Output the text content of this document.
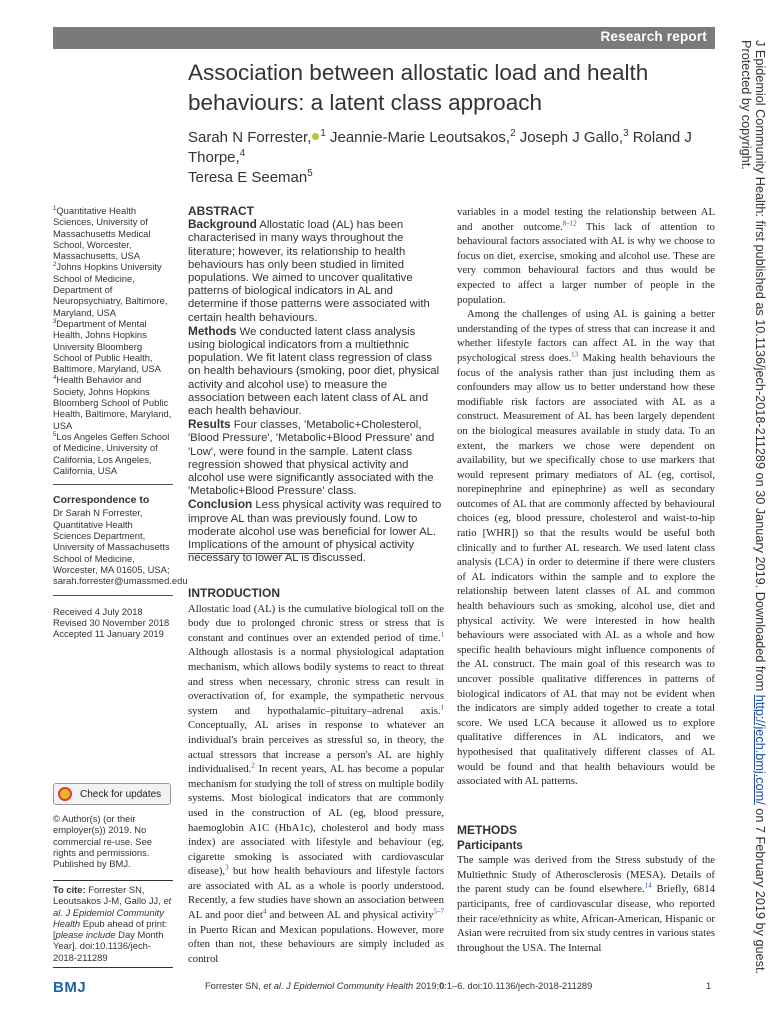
Research report
J Epidemiol Community Health: first published as 10.1136/jech-2018-211289 on 30 January 2019. Downloaded from http://jech.bmj.com/ on 7 February 2019 by guest. Protected by copyright.
Association between allostatic load and health behaviours: a latent class approach
Sarah N Forrester, $^1$ Jeannie-Marie Leoutsakos,$^2$ Joseph J Gallo,$^3$ Roland J Thorpe,$^4$
Teresa E Seeman$^5$

$^1$Quantitative Health Sciences, University of Massachusetts Medical School, Worcester, Massachusetts, USA

$^2$Johns Hopkins University School of Medicine, Department of Neuropsychiatry, Baltimore, Maryland, USA

$^3$Department of Mental Health, Johns Hopkins University Bloomberg School of Public Health, Baltimore, Maryland, USA

$^4$Health Behavior and Society, Johns Hopkins Bloomberg School of Public Health, Baltimore, Maryland, USA

$^5$Los Angeles Geffen School of Medicine, University of California, Los Angeles, California, USA

Correspondence to
Dr Sarah N Forrester, Quantitative Health Sciences Department, University of Massachusetts School of Medicine, Worcester, MA 01605, USA; sarah.forrester@umassmed.edu
Received 4 July 2018
Revised 30 November 2018
Accepted 11 January 2019
Check for updates
© Author(s) (or their employer(s)) 2019. No commercial re-use. See rights and permissions. Published by BMJ.
To cite: Forrester SN, Leoutsakos J-M, Gallo JJ, et al. J Epidemiol Community Health Epub ahead of print: [please include Day Month Year]. doi:10.1136/jech-2018-211289
ABSTRACT
Background Allostatic load (AL) has been characterised in many ways throughout the literature; however, its relationship to health behaviours has only been studied in limited populations. We aimed to uncover qualitative patterns of biological indicators in AL and determine if those patterns were associated with certain health behaviours.
Methods We conducted latent class analysis using biological indicators from a multiethnic population. We fit latent class regression of class on health behaviours (smoking, poor diet, physical activity and alcohol use) to measure the association between each latent class of AL and each health behaviour.
Results Four classes, 'Metabolic+Cholesterol, 'Blood Pressure', 'Metabolic+Blood Pressure' and 'Low', were found in the sample. Latent class regression showed that physical activity and alcohol use were significantly associated with the 'Metabolic+Blood Pressure' class.
Conclusion Less physical activity was required to improve AL than was previously found. Low to moderate alcohol use was beneficial for lower AL. Implications of the amount of physical activity necessary to lower AL is discussed.
INTRODUCTION

Allostatic load (AL) is the cumulative biological toll on the body due to prolonged chronic stress or stress that is constant and continues over an extended period of time.$^1$ Although allostasis is a normal physiological adaptation mechanism, which allows bodily systems to react to threat and stress when necessary, chronic stress can result in overactivation of, for example, the sympathetic nervous system and hypothalamic–pituitary–adrenal axis.$^1$ Conceptually, AL arises in response to whatever an individual's brain perceives as stressful so, in theory, the actual stressors that increase a person's AL are highly individualised.$^2$ In recent years, AL has become a popular mechanism for studying the toll of stress on multiple bodily systems. Most biological indicators that are commonly used in the construction of AL (eg, blood pressure, haemoglobin A1C (HbA1c), cholesterol and body mass index) are associated with lifestyle and behaviour (eg, cigarette smoking is associated with cardiovascular disease),$^3$ but how health behaviours and lifestyle factors are associated with AL as a whole is poorly understood. Recently, a few studies have shown an association between AL and poor diet$^4$ and between AL and physical activity$^{5-7}$ in Puerto Rican and Mexican populations. However, more often than not, these behaviours are simply included as control

variables in a model testing the relationship between AL and another outcome.$^{8-12}$ This lack of attention to behavioural factors associated with AL is why we choose to focus on diet, exercise, smoking and alcohol use. These are very common behavioural factors and thus would be expected to affect a larger number of people in the population.

Among the challenges of using AL is gaining a better understanding of the types of stress that can increase it and whether lifestyle factors can affect AL in the way that psychological stress does.$^{13}$ Making health behaviours the focus of the analysis rather than just including them as confounders may allow us to better understand how these modifiable risk factors are associated with AL as a construct. Measurement of AL has been largely dependent on the biological measures available in study data. To an extent, the markers we chose were dependent on availability, but we specifically chose to use markers that would represent primary mediators of AL (eg, cortisol, norepinephrine and epinephrine) as well as secondary outcomes of AL that are commonly affected by behavioural choices (eg, blood pressure, cholesterol and waist-to-hip ratio [WHR]) so that the results would be useful both clinically and to further AL research. We used latent class analysis (LCA) in order to determine if there were clusters of AL indicators within the sample and to explore the relationship between latent classes of AL and common health behaviours such as smoking, alcohol use, diet and physical activity. We were interested in how health behaviours were associated with AL as a whole and how specific health behaviours might influence components of the AL construct. The main goal of this research was to uncover possible qualitative differences in patterns of biological indicators of AL that may not be evident when the indicators are simply added together to create a total score. We used LCA because it allowed us to explore qualitative differences in AL indicators, and we hypothesised that qualitatively different classes of AL would be found and that health behaviours would be associated with AL patterns.

METHODS
Participants

The sample was derived from the Stress substudy of the Multiethnic Study of Atherosclerosis (MESA). Details of the parent study can be found elsewhere.$^{14}$ Briefly, 6814 participants, free of cardiovascular disease, who reported their race/ethnicity as white, African-American, Hispanic or Asian were recruited from six study centres in various states throughout the USA. The Internal

BMJ	Forrester SN, et al. J Epidemiol Community Health 2019;0:1–6. doi:10.1136/jech-2018-211289	1
